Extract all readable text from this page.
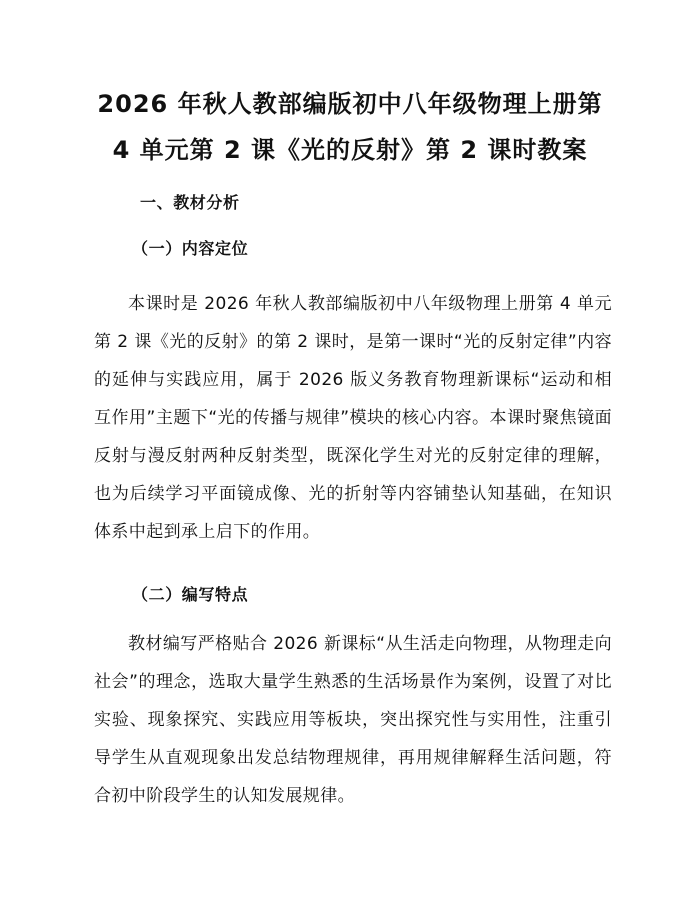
2026 年秋人教部编版初中八年级物理上册第
4 单元第 2 课《光的反射》第 2 课时教案
一、教材分析
（一）内容定位

本课时是 2026 年秋人教部编版初中八年级物理上册第 4 单元第 2 课《光的反射》的第 2 课时，是第一课时“光的反射定律”内容的延伸与实践应用，属于 2026 版义务教育物理新课标“运动和相互作用”主题下“光的传播与规律”模块的核心内容。本课时聚焦镜面反射与漫反射两种反射类型，既深化学生对光的反射定律的理解，也为后续学习平面镜成像、光的折射等内容铺垫认知基础，在知识体系中起到承上启下的作用。

（二）编写特点

教材编写严格贴合 2026 新课标“从生活走向物理，从物理走向社会”的理念，选取大量学生熟悉的生活场景作为案例，设置了对比实验、现象探究、实践应用等板块，突出探究性与实用性，注重引导学生从直观现象出发总结物理规律，再用规律解释生活问题，符合初中阶段学生的认知发展规律。
